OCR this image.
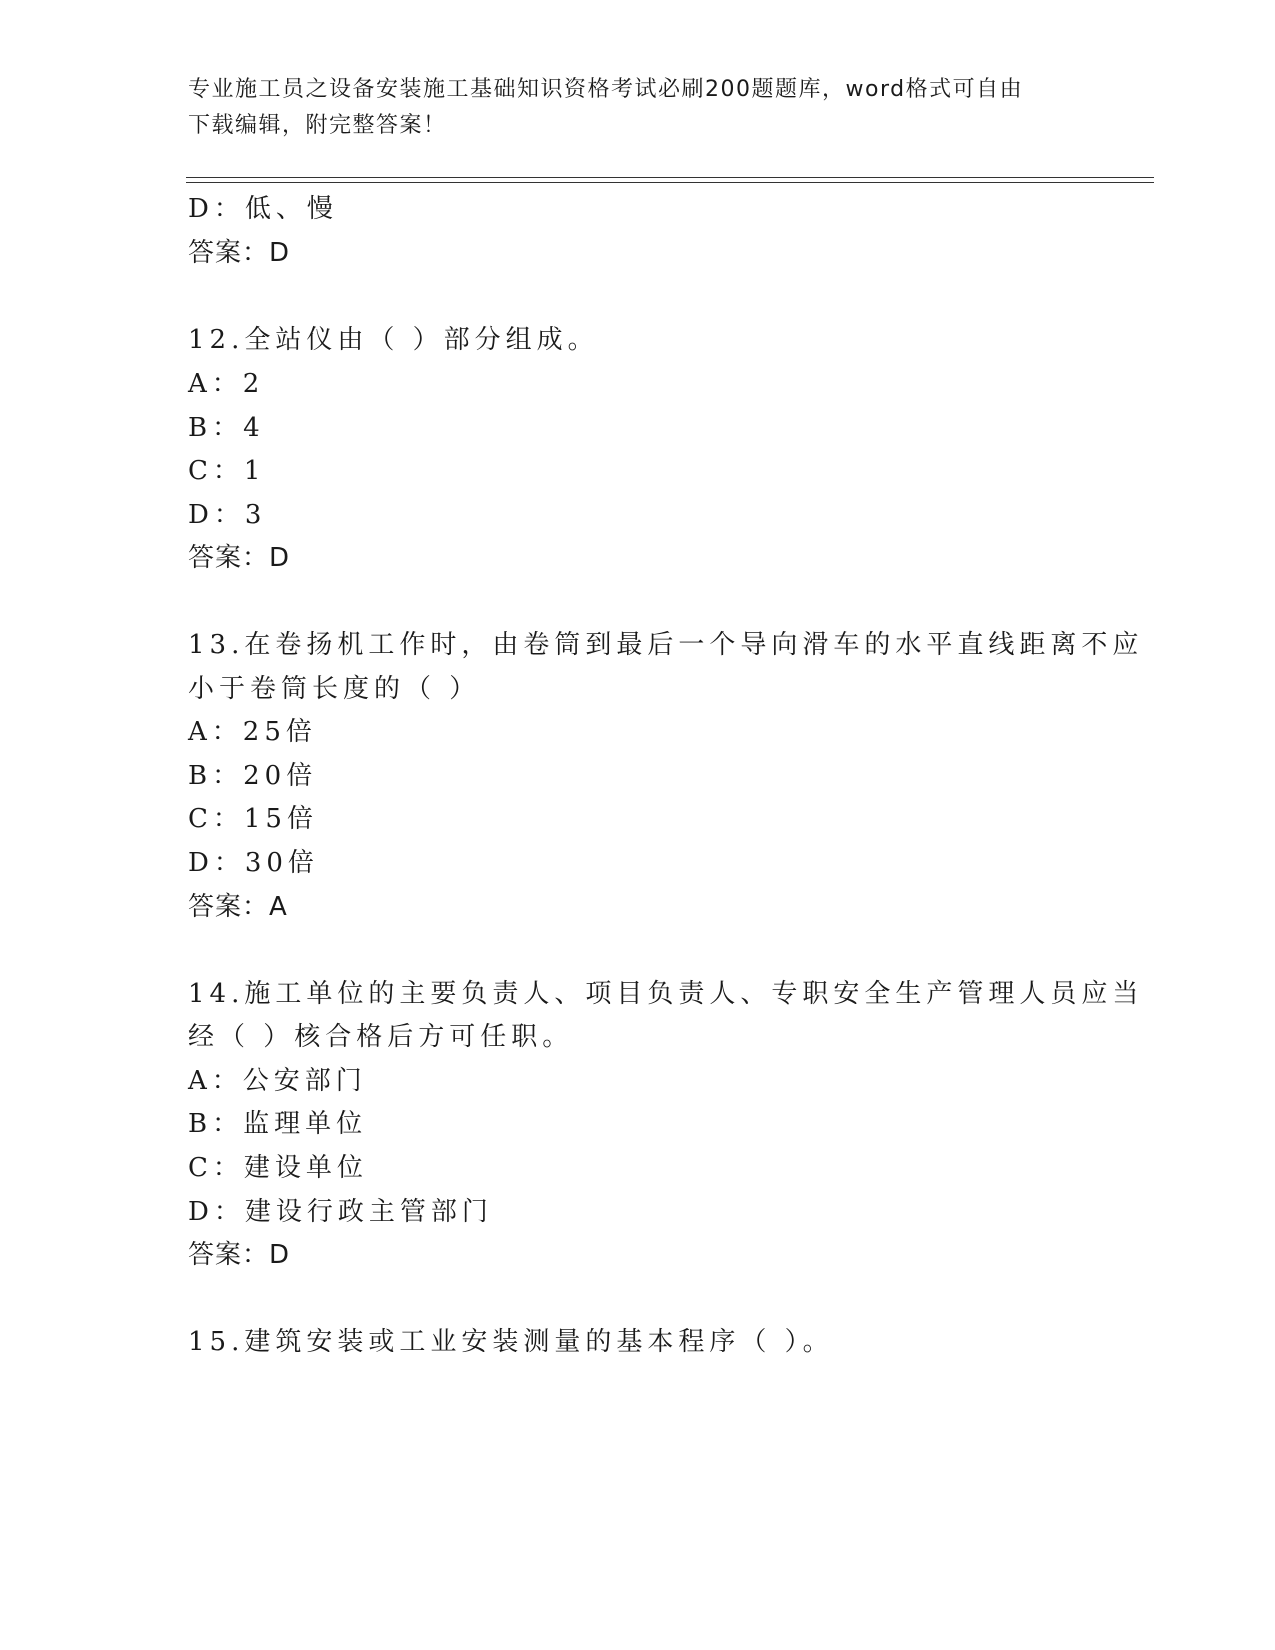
专业施工员之设备安装施工基础知识资格考试必刷200题题库，word格式可自由
下载编辑，附完整答案！
D：低、慢
答案：D
12.全站仪由（ ）部分组成。
A：2
B：4
C：1
D：3
答案：D
13.在卷扬机工作时，由卷筒到最后一个导向滑车的水平直线距离不应
小于卷筒长度的（ ）
A：25倍
B：20倍
C：15倍
D：30倍
答案：A
14.施工单位的主要负责人、项目负责人、专职安全生产管理人员应当
经（ ）核合格后方可任职。
A：公安部门
B：监理单位
C：建设单位
D：建设行政主管部门
答案：D
15.建筑安装或工业安装测量的基本程序（ ）。
